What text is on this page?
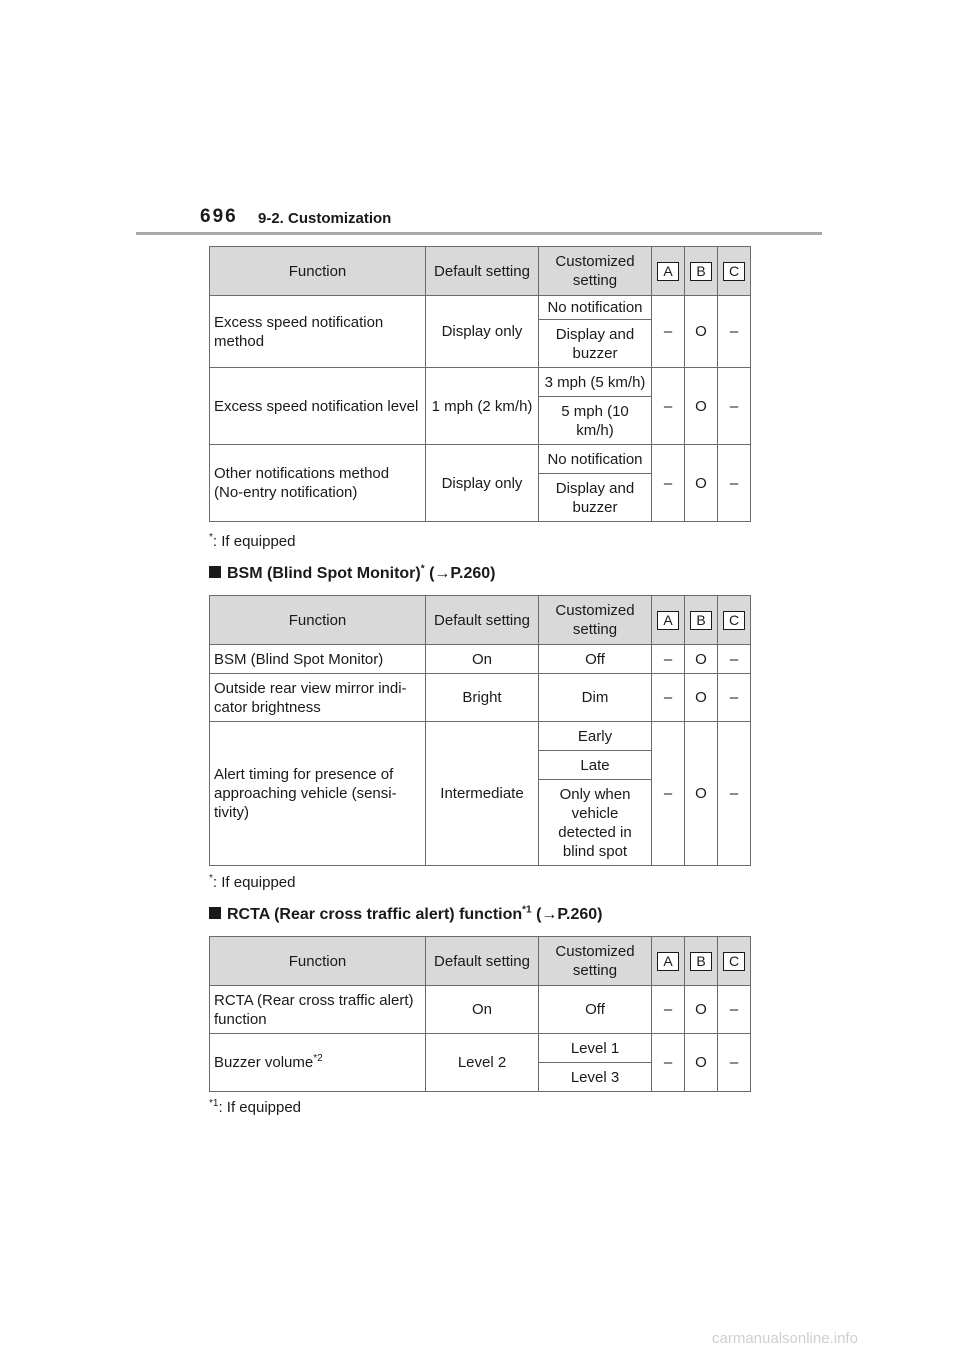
696 9-2. Customization
Function	Default setting	Customized setting	A	B	C
Excess speed notification method	Display only	No notification	–	O	–
		Display and buzzer			
Excess speed notification level	1 mph (2 km/h)	3 mph (5 km/h)	–	O	–
		5 mph (10 km/h)			
Other notifications method (No-entry notification)	Display only	No notification	–	O	–
		Display and buzzer			
*: If equipped
BSM (Blind Spot Monitor)* (→P.260)
Function	Default setting	Customized setting	A	B	C
BSM (Blind Spot Monitor)	On	Off	–	O	–
Outside rear view mirror indi- cator brightness	Bright	Dim	–	O	–
Alert timing for presence of approaching vehicle (sensi- tivity)	Intermediate	Early	–	O	–
		Late			
		Only when vehicle detected in blind spot			
*: If equipped
RCTA (Rear cross traffic alert) function$^{*1}$ (→P.260)
Function	Default setting	Customized setting	A	B	C
RCTA (Rear cross traffic alert) function	On	Off	–	O	–
Buzzer volume$^{*2}$	Level 2	Level 1	–	O	–
		Level 3			
$^{*1}$: If equipped
carmanualsonline.info
